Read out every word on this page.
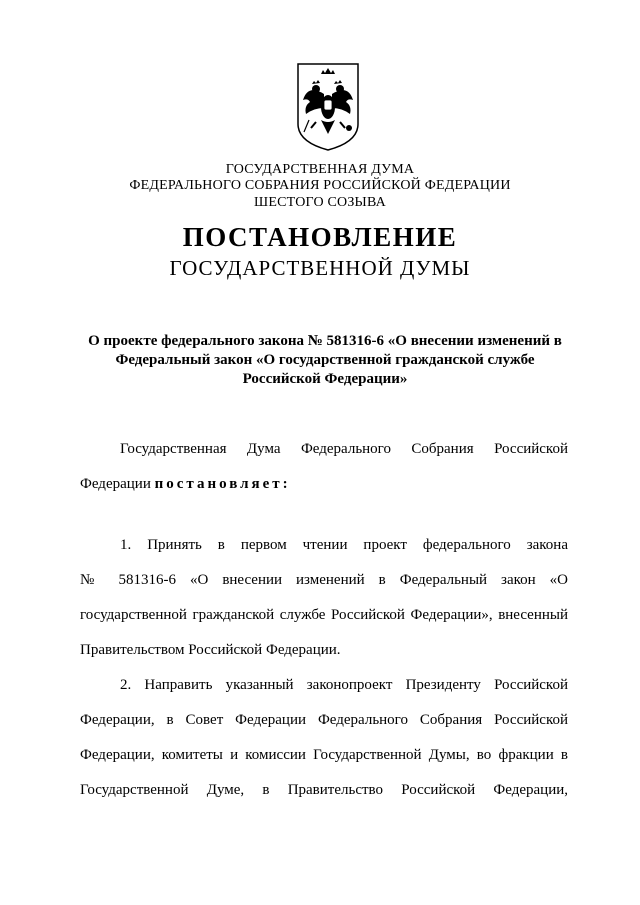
ГОСУДАРСТВЕННАЯ ДУМА
ФЕДЕРАЛЬНОГО СОБРАНИЯ РОССИЙСКОЙ ФЕДЕРАЦИИ
ШЕСТОГО СОЗЫВА
ПОСТАНОВЛЕНИЕ
ГОСУДАРСТВЕННОЙ ДУМЫ
О проекте федерального закона № 581316-6 «О внесении изменений в
Федеральный закон «О государственной гражданской службе
Российской Федерации»
Государственная Дума Федерального Собрания Российской
Федерации постановляет:
1. Принять в первом чтении проект федерального закона
№ 581316-6 «О внесении изменений в Федеральный закон «О
государственной гражданской службе Российской Федерации», внесенный
Правительством Российской Федерации.
2. Направить указанный законопроект Президенту Российской
Федерации, в Совет Федерации Федерального Собрания Российской
Федерации, комитеты и комиссии Государственной Думы, во фракции в
Государственной Думе, в Правительство Российской Федерации,
